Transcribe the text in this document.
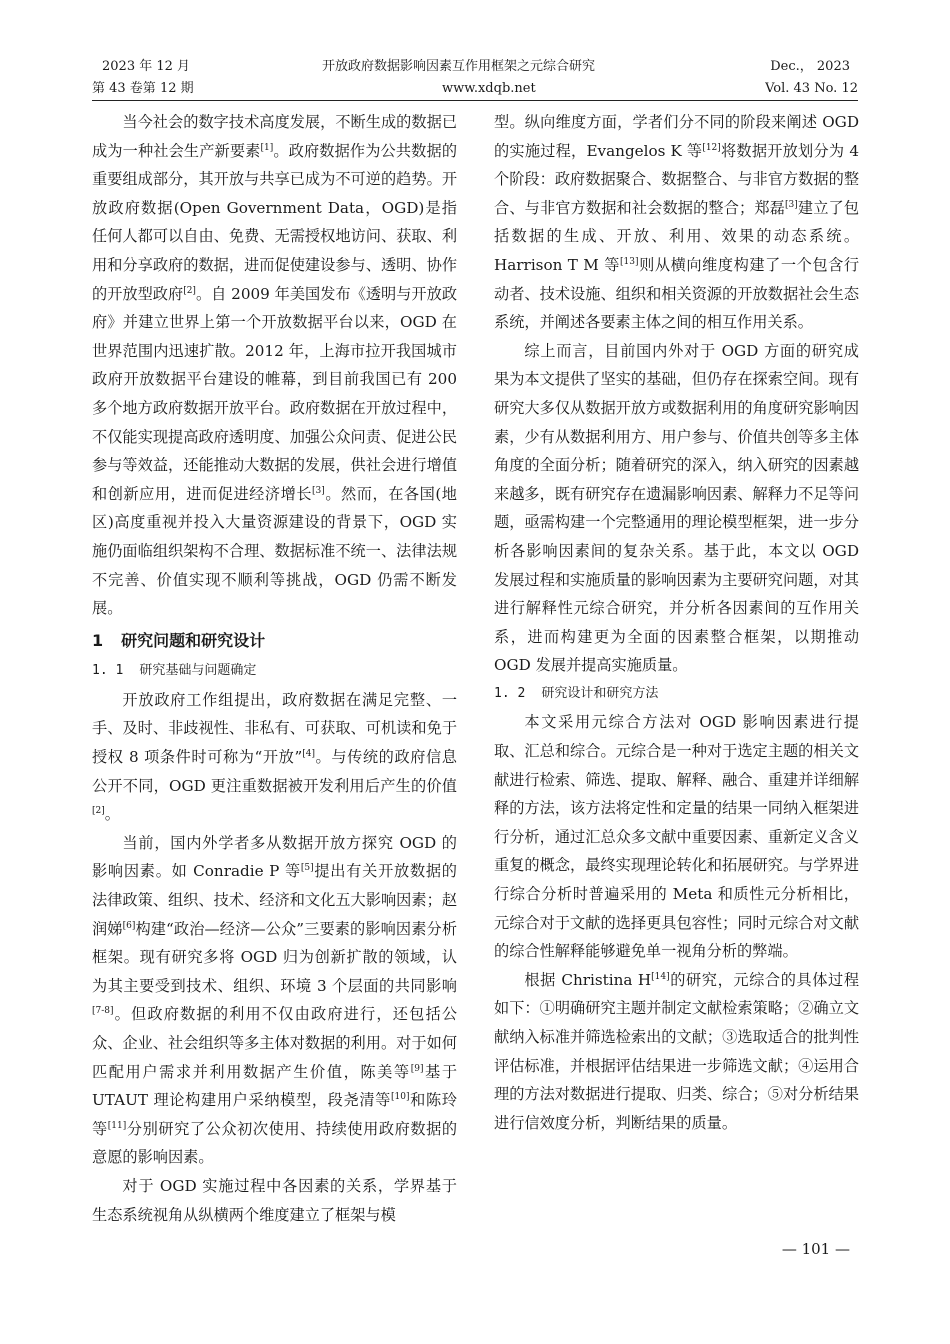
2023 年 12 月
第 43 卷第 12 期
开放政府数据影响因素互作用框架之元综合研究
www.xdqb.net
Dec.， 2023
Vol. 43 No. 12

当今社会的数字技术高度发展，不断生成的数据已成为一种社会生产新要素[1]。政府数据作为公共数据的重要组成部分，其开放与共享已成为不可逆的趋势。开放政府数据(Open Government Data，OGD)是指任何人都可以自由、免费、无需授权地访问、获取、利用和分享政府的数据，进而促使建设参与、透明、协作的开放型政府[2]。自 2009 年美国发布《透明与开放政府》并建立世界上第一个开放数据平台以来，OGD 在世界范围内迅速扩散。2012 年，上海市拉开我国城市政府开放数据平台建设的帷幕，到目前我国已有 200 多个地方政府数据开放平台。政府数据在开放过程中，不仅能实现提高政府透明度、加强公众问责、促进公民参与等效益，还能推动大数据的发展，供社会进行增值和创新应用，进而促进经济增长[3]。然而，在各国(地区)高度重视并投入大量资源建设的背景下，OGD 实施仍面临组织架构不合理、数据标准不统一、法律法规不完善、价值实现不顺利等挑战，OGD 仍需不断发展。

1 研究问题和研究设计
1. 1 研究基础与问题确定

开放政府工作组提出，政府数据在满足完整、一手、及时、非歧视性、非私有、可获取、可机读和免于授权 8 项条件时可称为“开放”[4]。与传统的政府信息公开不同，OGD 更注重数据被开发利用后产生的价值[2]。

当前，国内外学者多从数据开放方探究 OGD 的影响因素。如 Conradie P 等[5]提出有关开放数据的法律政策、组织、技术、经济和文化五大影响因素；赵润娣[6]构建“政治—经济—公众”三要素的影响因素分析框架。现有研究多将 OGD 归为创新扩散的领域，认为其主要受到技术、组织、环境 3 个层面的共同影响[7-8]。但政府数据的利用不仅由政府进行，还包括公众、企业、社会组织等多主体对数据的利用。对于如何匹配用户需求并利用数据产生价值，陈美等[9]基于 UTAUT 理论构建用户采纳模型，段尧清等[10]和陈玲等[11]分别研究了公众初次使用、持续使用政府数据的意愿的影响因素。

对于 OGD 实施过程中各因素的关系，学界基于生态系统视角从纵横两个维度建立了框架与模

型。纵向维度方面，学者们分不同的阶段来阐述 OGD 的实施过程，Evangelos K 等[12]将数据开放划分为 4 个阶段：政府数据聚合、数据整合、与非官方数据的整合、与非官方数据和社会数据的整合；郑磊[3]建立了包括数据的生成、开放、利用、效果的动态系统。Harrison T M 等[13]则从横向维度构建了一个包含行动者、技术设施、组织和相关资源的开放数据社会生态系统，并阐述各要素主体之间的相互作用关系。

综上而言，目前国内外对于 OGD 方面的研究成果为本文提供了坚实的基础，但仍存在探索空间。现有研究大多仅从数据开放方或数据利用的角度研究影响因素，少有从数据利用方、用户参与、价值共创等多主体角度的全面分析；随着研究的深入，纳入研究的因素越来越多，既有研究存在遗漏影响因素、解释力不足等问题，亟需构建一个完整通用的理论模型框架，进一步分析各影响因素间的复杂关系。基于此，本文以 OGD 发展过程和实施质量的影响因素为主要研究问题，对其进行解释性元综合研究，并分析各因素间的互作用关系，进而构建更为全面的因素整合框架，以期推动 OGD 发展并提高实施质量。

1. 2 研究设计和研究方法

本文采用元综合方法对 OGD 影响因素进行提取、汇总和综合。元综合是一种对于选定主题的相关文献进行检索、筛选、提取、解释、融合、重建并详细解释的方法，该方法将定性和定量的结果一同纳入框架进行分析，通过汇总众多文献中重要因素、重新定义含义重复的概念，最终实现理论转化和拓展研究。与学界进行综合分析时普遍采用的 Meta 和质性元分析相比，元综合对于文献的选择更具包容性；同时元综合对文献的综合性解释能够避免单一视角分析的弊端。

根据 Christina H[14]的研究，元综合的具体过程如下：①明确研究主题并制定文献检索策略；②确立文献纳入标准并筛选检索出的文献；③选取适合的批判性评估标准，并根据评估结果进一步筛选文献；④运用合理的方法对数据进行提取、归类、综合；⑤对分析结果进行信效度分析，判断结果的质量。

— 101 —
